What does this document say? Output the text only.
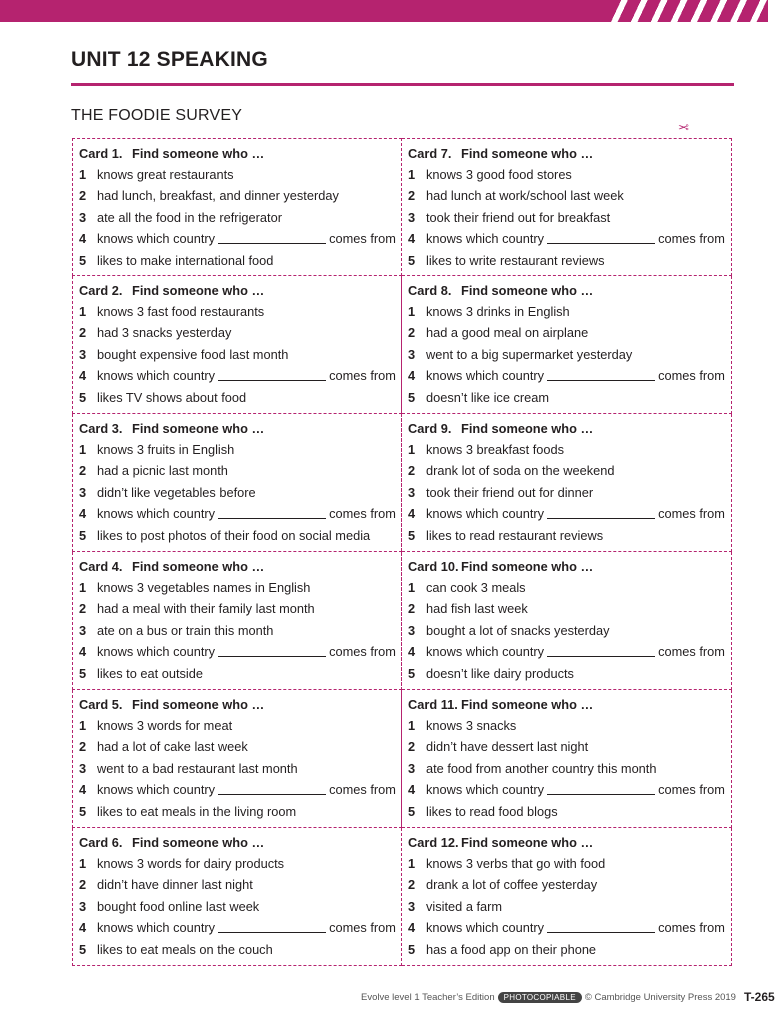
UNIT 12 SPEAKING
THE FOODIE SURVEY
✂
Card 1. Find someone who …
1 knows great restaurants
2 had lunch, breakfast, and dinner yesterday
3 ate all the food in the refrigerator
4 knows which country	comes from
5 likes to make international food
Card 7. Find someone who …
1 knows 3 good food stores
2 had lunch at work/school last week
3 took their friend out for breakfast
4 knows which country	comes from
5 likes to write restaurant reviews
Card 2. Find someone who …
1 knows 3 fast food restaurants
2 had 3 snacks yesterday
3 bought expensive food last month
4 knows which country	comes from
5 likes TV shows about food
Card 8. Find someone who …
1 knows 3 drinks in English
2 had a good meal on airplane
3 went to a big supermarket yesterday
4 knows which country	comes from
5 doesn’t like ice cream
Card 3. Find someone who …
1 knows 3 fruits in English
2 had a picnic last month
3 didn’t like vegetables before
4 knows which country	comes from
5 likes to post photos of their food on social media
Card 9. Find someone who …
1 knows 3 breakfast foods
2 drank lot of soda on the weekend
3 took their friend out for dinner
4 knows which country	comes from
5 likes to read restaurant reviews
Card 4. Find someone who …
1 knows 3 vegetables names in English
2 had a meal with their family last month
3 ate on a bus or train this month
4 knows which country	comes from
5 likes to eat outside
Card 10. Find someone who …
1 can cook 3 meals
2 had fish last week
3 bought a lot of snacks yesterday
4 knows which country	comes from
5 doesn’t like dairy products
Card 5. Find someone who …
1 knows 3 words for meat
2 had a lot of cake last week
3 went to a bad restaurant last month
4 knows which country	comes from
5 likes to eat meals in the living room
Card 11. Find someone who …
1 knows 3 snacks
2 didn’t have dessert last night
3 ate food from another country this month
4 knows which country	comes from
5 likes to read food blogs
Card 6. Find someone who …
1 knows 3 words for dairy products
2 didn’t have dinner last night
3 bought food online last week
4 knows which country	comes from
5 likes to eat meals on the couch
Card 12. Find someone who …
1 knows 3 verbs that go with food
2 drank a lot of coffee yesterday
3 visited a farm
4 knows which country	comes from
5 has a food app on their phone
Evolve level 1 Teacher’s Edition	PHOTOCOPIABLE © Cambridge University Press 2019 T-265
